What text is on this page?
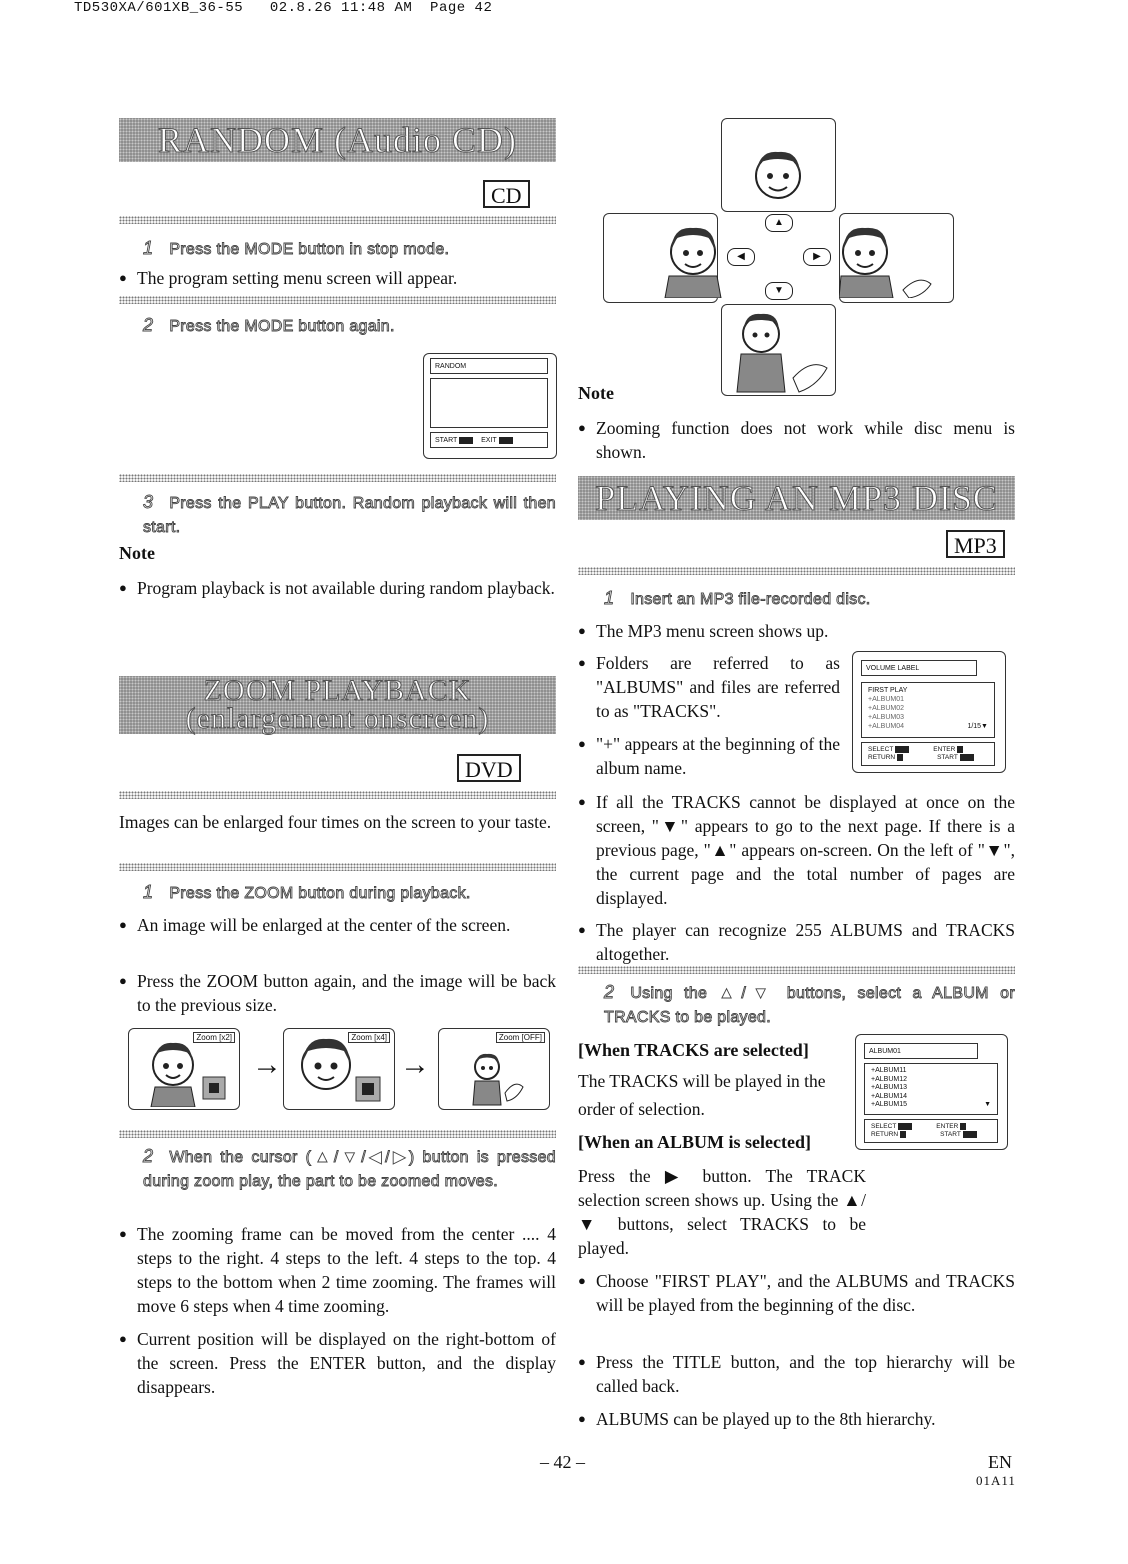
TD530XA/601XB_36-55   02.8.26 11:48 AM  Page 42
RANDOM (Audio CD)
CD
1 Press the MODE button in stop mode.
● The program setting menu screen will appear.
2 Press the MODE button again.
RANDOM
START	EXIT
3 Press the PLAY button. Random playback will then start.
Note
● Program playback is not available during random playback.
ZOOM PLAYBACK
(enlargement onscreen)
DVD
Images can be enlarged four times on the screen to your taste.
1 Press the ZOOM button during playback.
● An image will be enlarged at the center of the screen.
● Press the ZOOM button again, and the image will be back to the previous size.
Zoom [x2]
→
Zoom [x4]
→
Zoom [OFF]
2 When the cursor (▲/▼/◀/▶) button is pressed during zoom play, the part to be zoomed moves.
● The zooming frame can be moved from the center .... 4 steps to the right. 4 steps to the left. 4 steps to the top. 4 steps to the bottom when 2 time zooming. The frames will move 6 steps when 4 time zooming.
● Current position will be displayed on the right-bottom of the screen. Press the ENTER button, and the display disappears.
▲
◀	▶
▼
Note
● Zooming function does not work while disc menu is shown.
PLAYING AN MP3 DISC
MP3
1 Insert an MP3 file-recorded disc.
● The MP3 menu screen shows up.
● Folders are referred to as "ALBUMS" and files are referred to as "TRACKS".
● "+" appears at the beginning of the album name.
VOLUME LABEL
FIRST PLAY
+ALBUM01
+ALBUM02
+ALBUM03
+ALBUM04	1/15▼
SELECT	ENTER
RETURN	START
● If all the TRACKS cannot be displayed at once on the screen, "▼" appears to go to the next page. If there is a previous page, "▲" appears on-screen. On the left of "▼", the current page and the total number of pages are displayed.
● The player can recognize 255 ALBUMS and TRACKS altogether.
2 Using the ▲/▼ buttons, select a ALBUM or TRACKS to be played.
[When TRACKS are selected]
The TRACKS will be played in the order of selection.
[When an ALBUM is selected]
ALBUM01
+ALBUM11
+ALBUM12
+ALBUM13
+ALBUM14
+ALBUM15	▼
SELECT	ENTER
RETURN	START
Press the ▶ button. The TRACK selection screen shows up. Using the ▲/▼ buttons, select TRACKS to be played.
● Choose "FIRST PLAY", and the ALBUMS and TRACKS will be played from the beginning of the disc.
● Press the TITLE button, and the top hierarchy will be called back.
● ALBUMS can be played up to the 8th hierarchy.
– 42 –	EN
01A11
